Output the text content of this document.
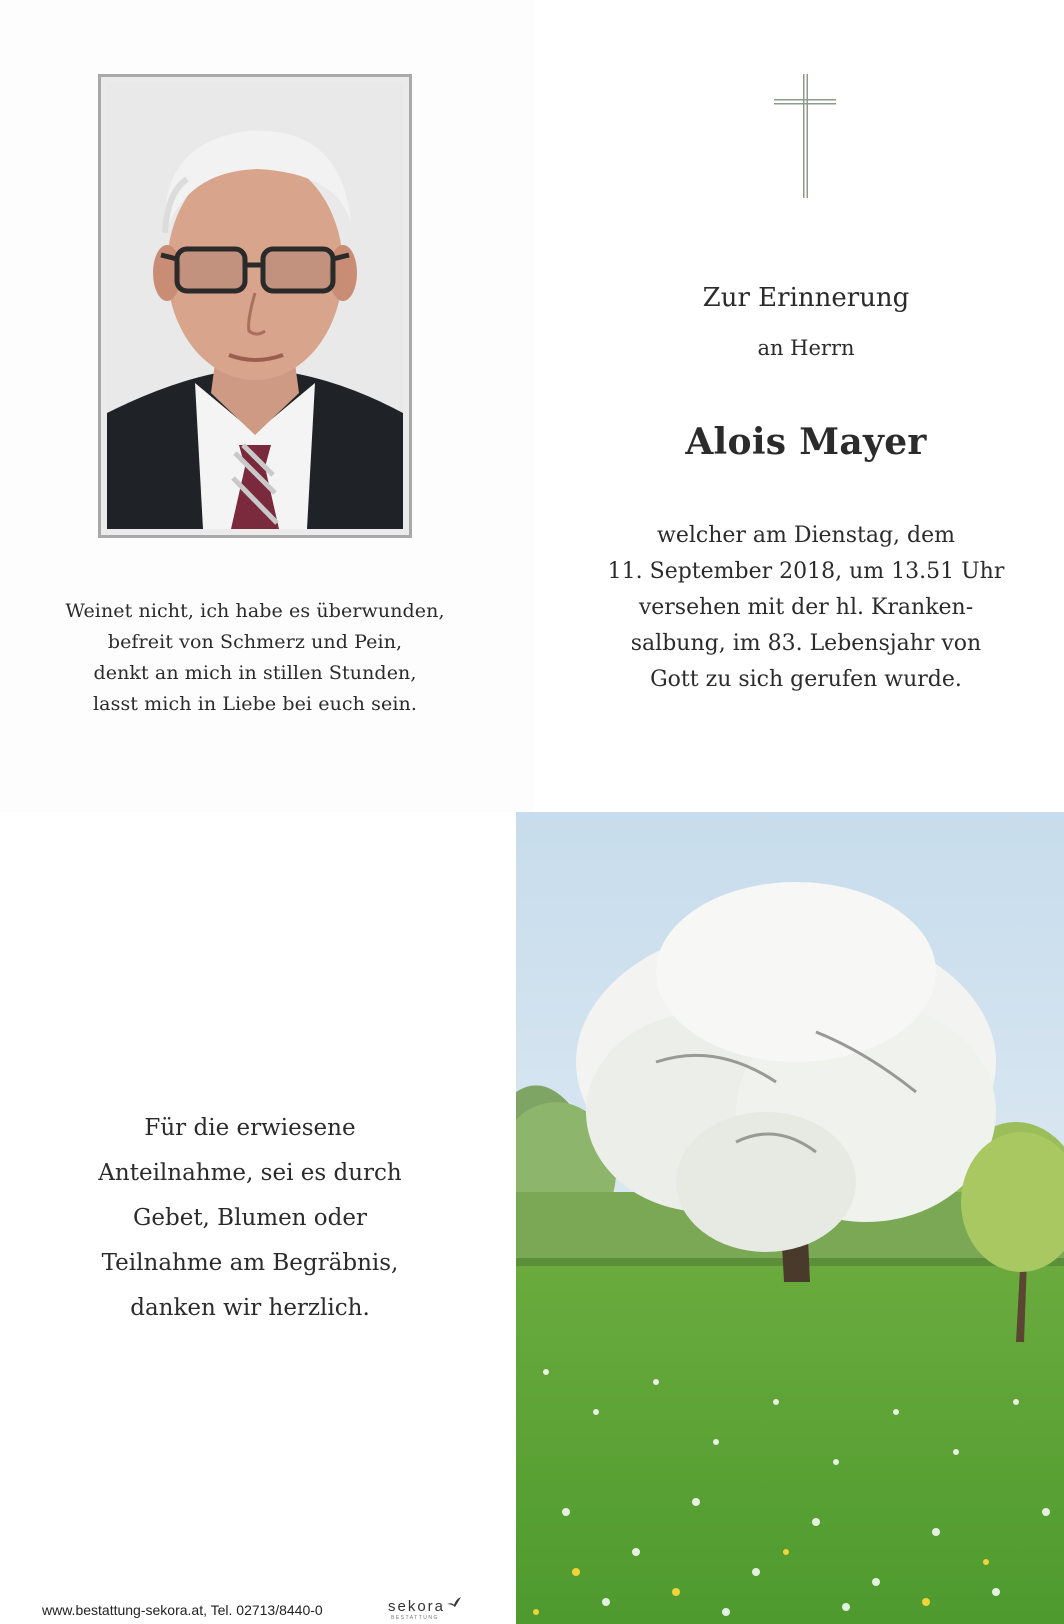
Weinet nicht, ich habe es überwunden,
befreit von Schmerz und Pein,
denkt an mich in stillen Stunden,
lasst mich in Liebe bei euch sein.
Zur Erinnerung
an Herrn
Alois Mayer
welcher am Dienstag, dem
11. September 2018, um 13.51 Uhr
versehen mit der hl. Kranken-
salbung, im 83. Lebensjahr von
Gott zu sich gerufen wurde.
Für die erwiesene
Anteilnahme, sei es durch
Gebet, Blumen oder
Teilnahme am Begräbnis,
danken wir herzlich.
www.bestattung-sekora.at, Tel. 02713/8440-0	sekora
BESTATTUNG
